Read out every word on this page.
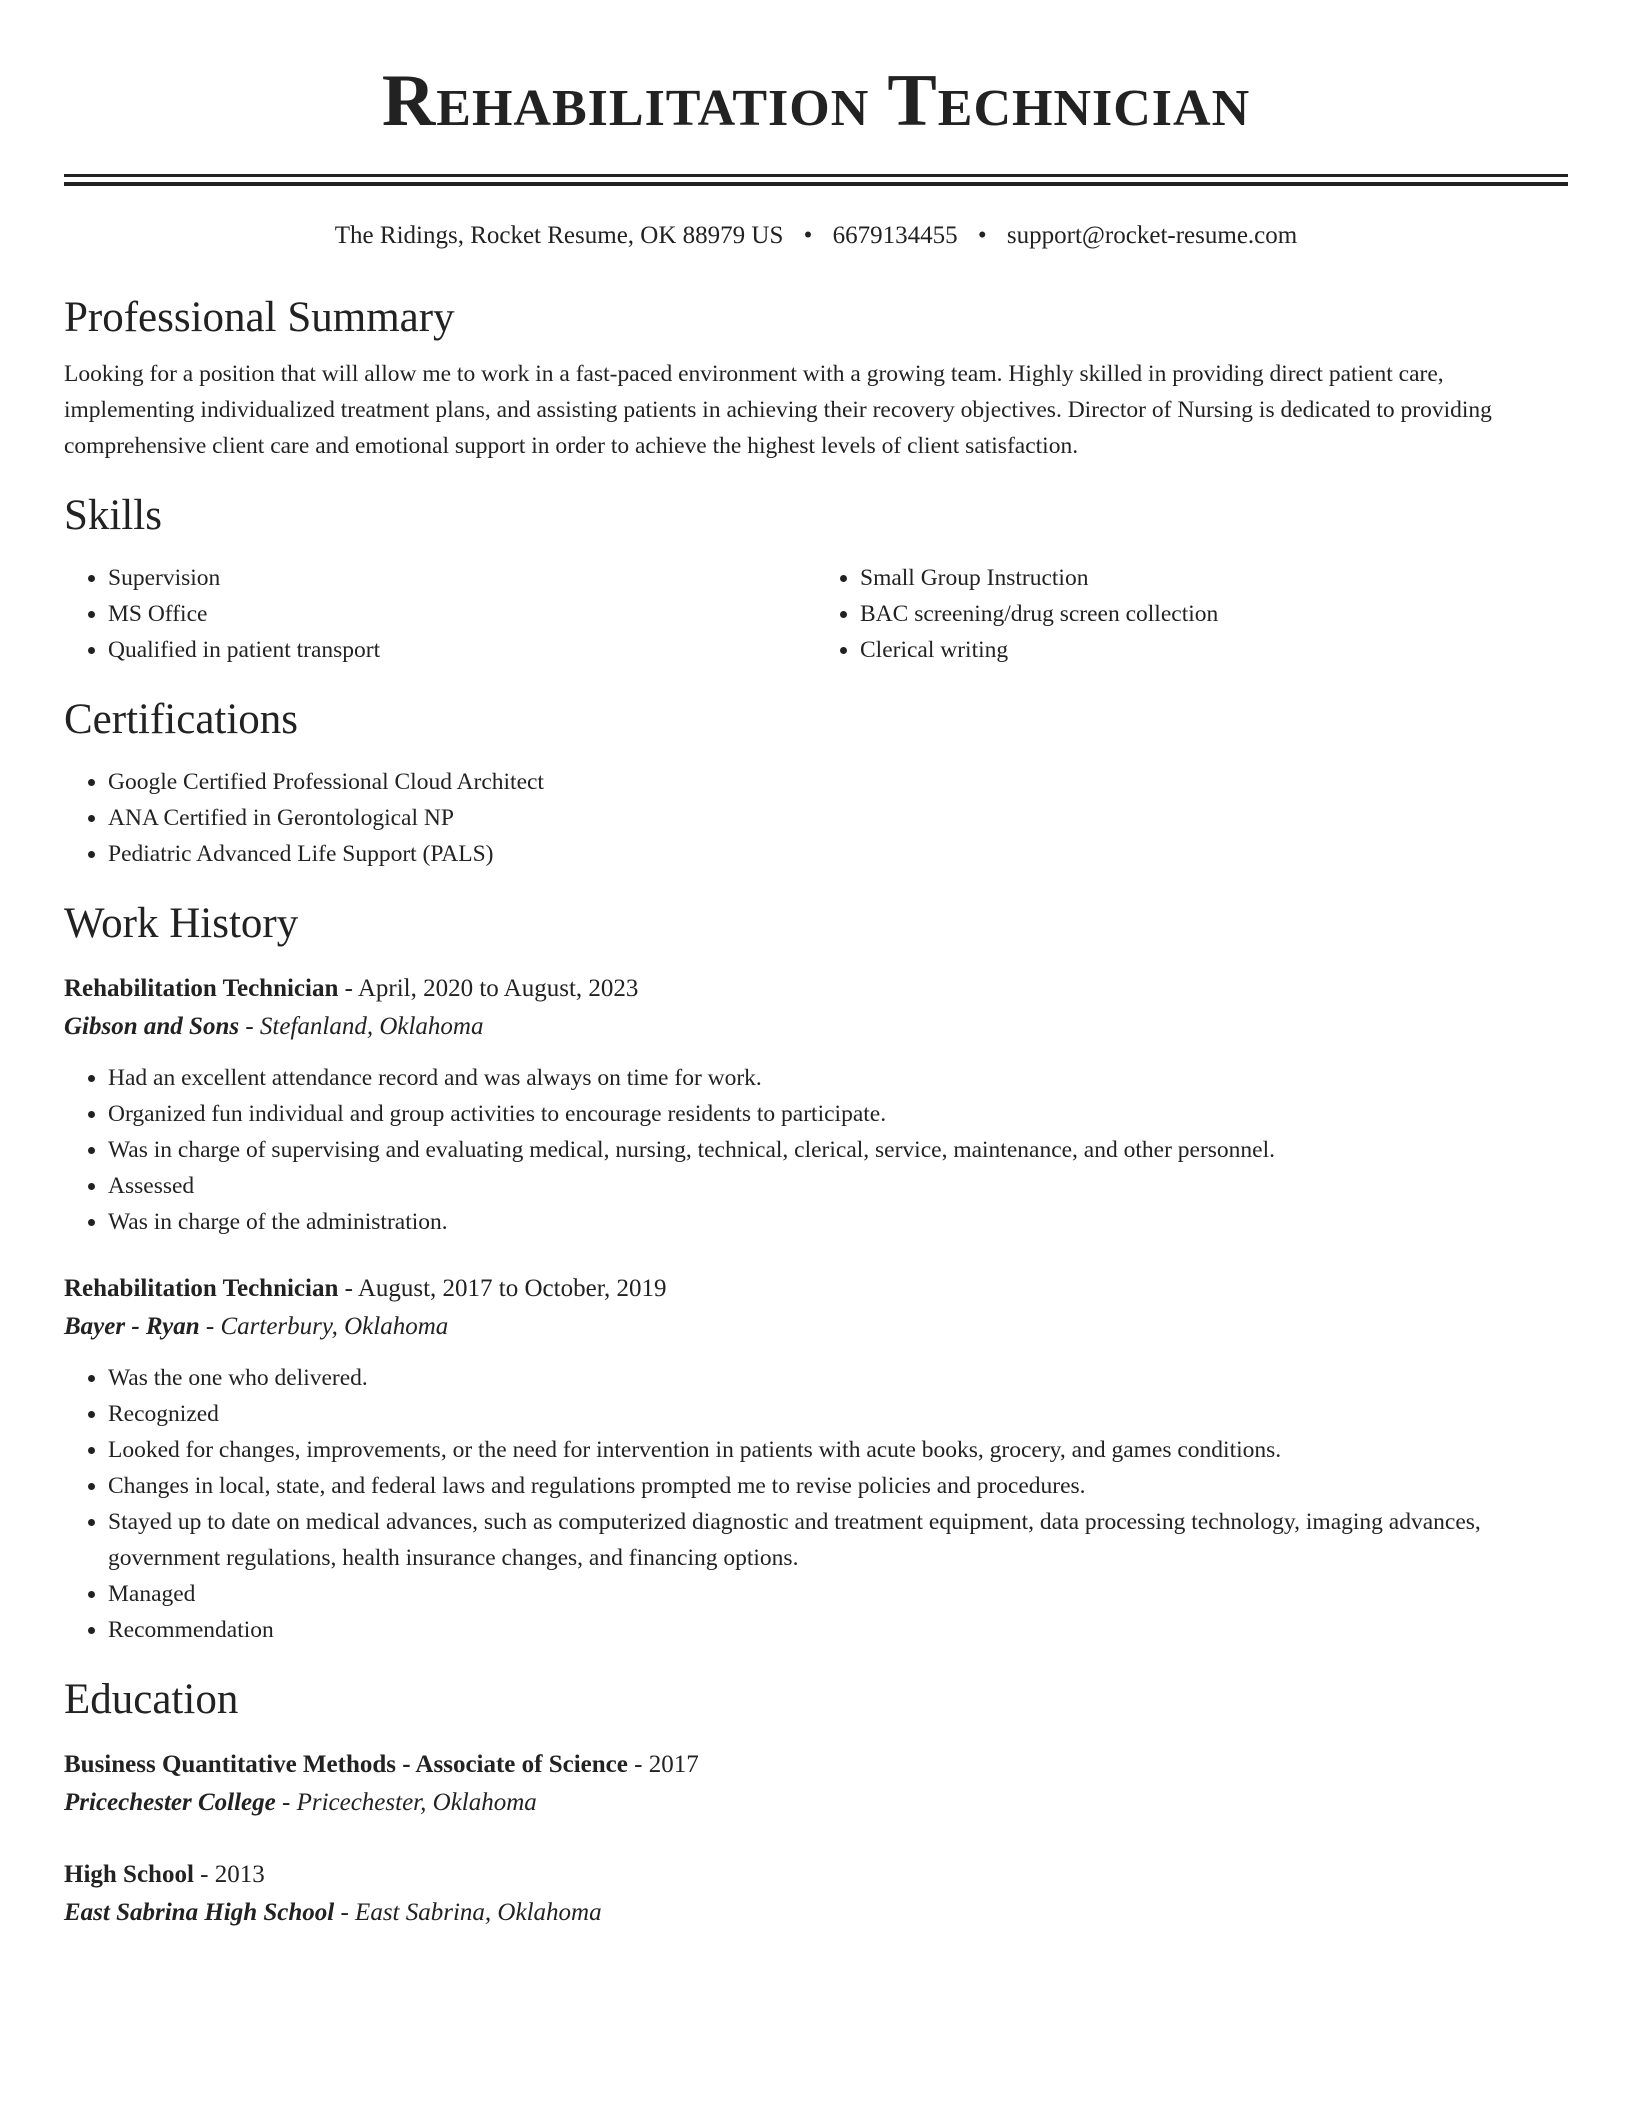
Rehabilitation Technician
The Ridings, Rocket Resume, OK 88979 US • 6679134455 • support@rocket-resume.com
Professional Summary

Looking for a position that will allow me to work in a fast-paced environment with a growing team. Highly skilled in providing direct patient care, implementing individualized treatment plans, and assisting patients in achieving their recovery objectives. Director of Nursing is dedicated to providing comprehensive client care and emotional support in order to achieve the highest levels of client satisfaction.

Skills
• Supervision
• MS Office
• Qualified in patient transport
• Small Group Instruction
• BAC screening/drug screen collection
• Clerical writing
Certifications
• Google Certified Professional Cloud Architect
• ANA Certified in Gerontological NP
• Pediatric Advanced Life Support (PALS)
Work History
Rehabilitation Technician - April, 2020 to August, 2023
Gibson and Sons - Stefanland, Oklahoma
• Had an excellent attendance record and was always on time for work.
• Organized fun individual and group activities to encourage residents to participate.
• Was in charge of supervising and evaluating medical, nursing, technical, clerical, service, maintenance, and other personnel.
• Assessed
• Was in charge of the administration.
Rehabilitation Technician - August, 2017 to October, 2019
Bayer - Ryan - Carterbury, Oklahoma
• Was the one who delivered.
• Recognized
• Looked for changes, improvements, or the need for intervention in patients with acute books, grocery, and games conditions.
• Changes in local, state, and federal laws and regulations prompted me to revise policies and procedures.
• Stayed up to date on medical advances, such as computerized diagnostic and treatment equipment, data processing technology, imaging advances, government regulations, health insurance changes, and financing options.
• Managed
• Recommendation
Education
Business Quantitative Methods - Associate of Science - 2017
Pricechester College - Pricechester, Oklahoma
High School - 2013
East Sabrina High School - East Sabrina, Oklahoma
